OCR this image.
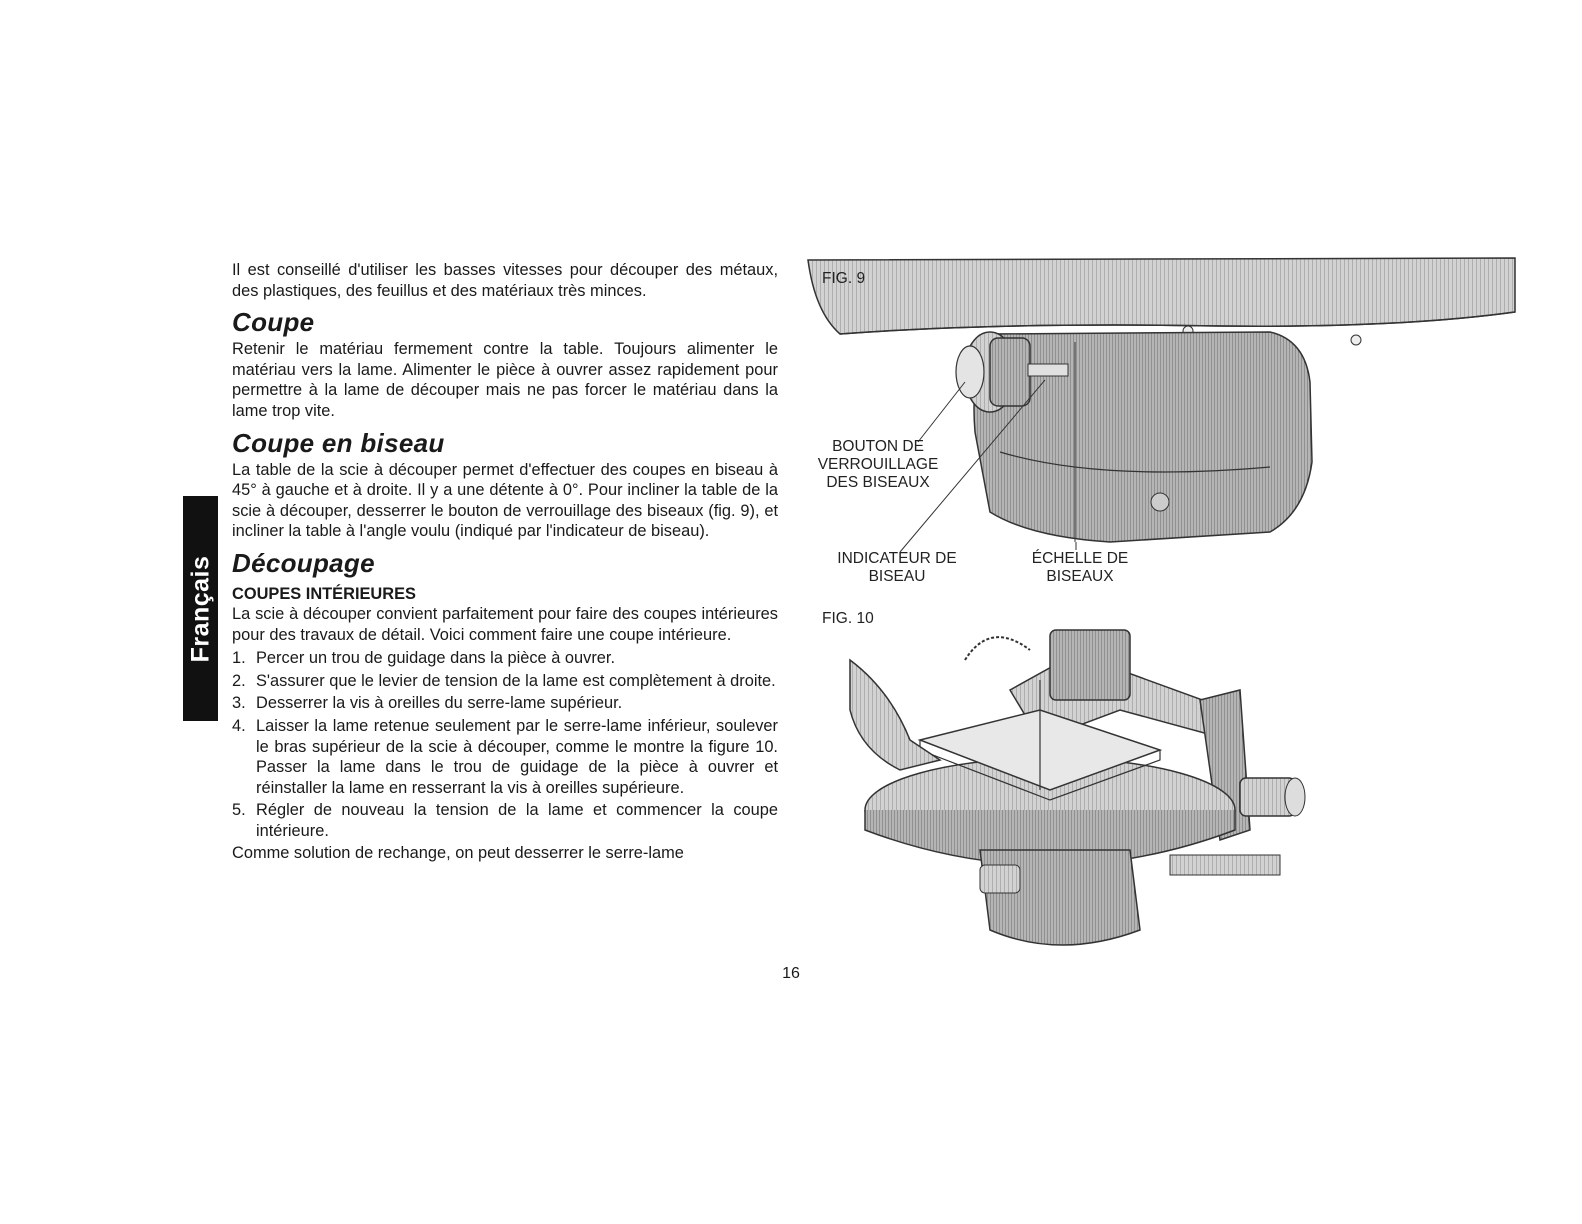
Français

Il est conseillé d'utiliser les basses vitesses pour découper des métaux, des plastiques, des feuillus et des matériaux très minces.

Coupe

Retenir le matériau fermement contre la table. Toujours alimenter le matériau vers la lame. Alimenter le pièce à ouvrer assez rapidement pour permettre à la lame de découper mais ne pas forcer le matériau dans la lame trop vite.

Coupe en biseau

La table de la scie à découper permet d'effectuer des coupes en biseau à 45° à gauche et à droite. Il y a une détente à 0°. Pour incliner la table de la scie à découper, desserrer le bouton de verrouillage des biseaux (fig. 9), et incliner la table à l'angle voulu (indiqué par l'indicateur de biseau).

Découpage
COUPES INTÉRIEURES

La scie à découper convient parfaitement pour faire des coupes intérieures pour des travaux de détail. Voici comment faire une coupe intérieure.

1. Percer un trou de guidage dans la pièce à ouvrer.
2. S'assurer que le levier de tension de la lame est complètement à droite.
3. Desserrer la vis à oreilles du serre-lame supérieur.
4. Laisser la lame retenue seulement par le serre-lame inférieur, soulever le bras supérieur de la scie à découper, comme le montre la figure 10. Passer la lame dans le trou de guidage de la pièce à ouvrer et réinstaller la lame en resserrant la vis à oreilles supérieure.
5. Régler de nouveau la tension de la lame et commencer la coupe intérieure.

Comme solution de rechange, on peut desserrer le serre-lame

FIG. 9
BOUTON DE
VERROUILLAGE
DES BISEAUX
INDICATEUR DE
BISEAU
ÉCHELLE DE
BISEAUX
FIG. 10
16
